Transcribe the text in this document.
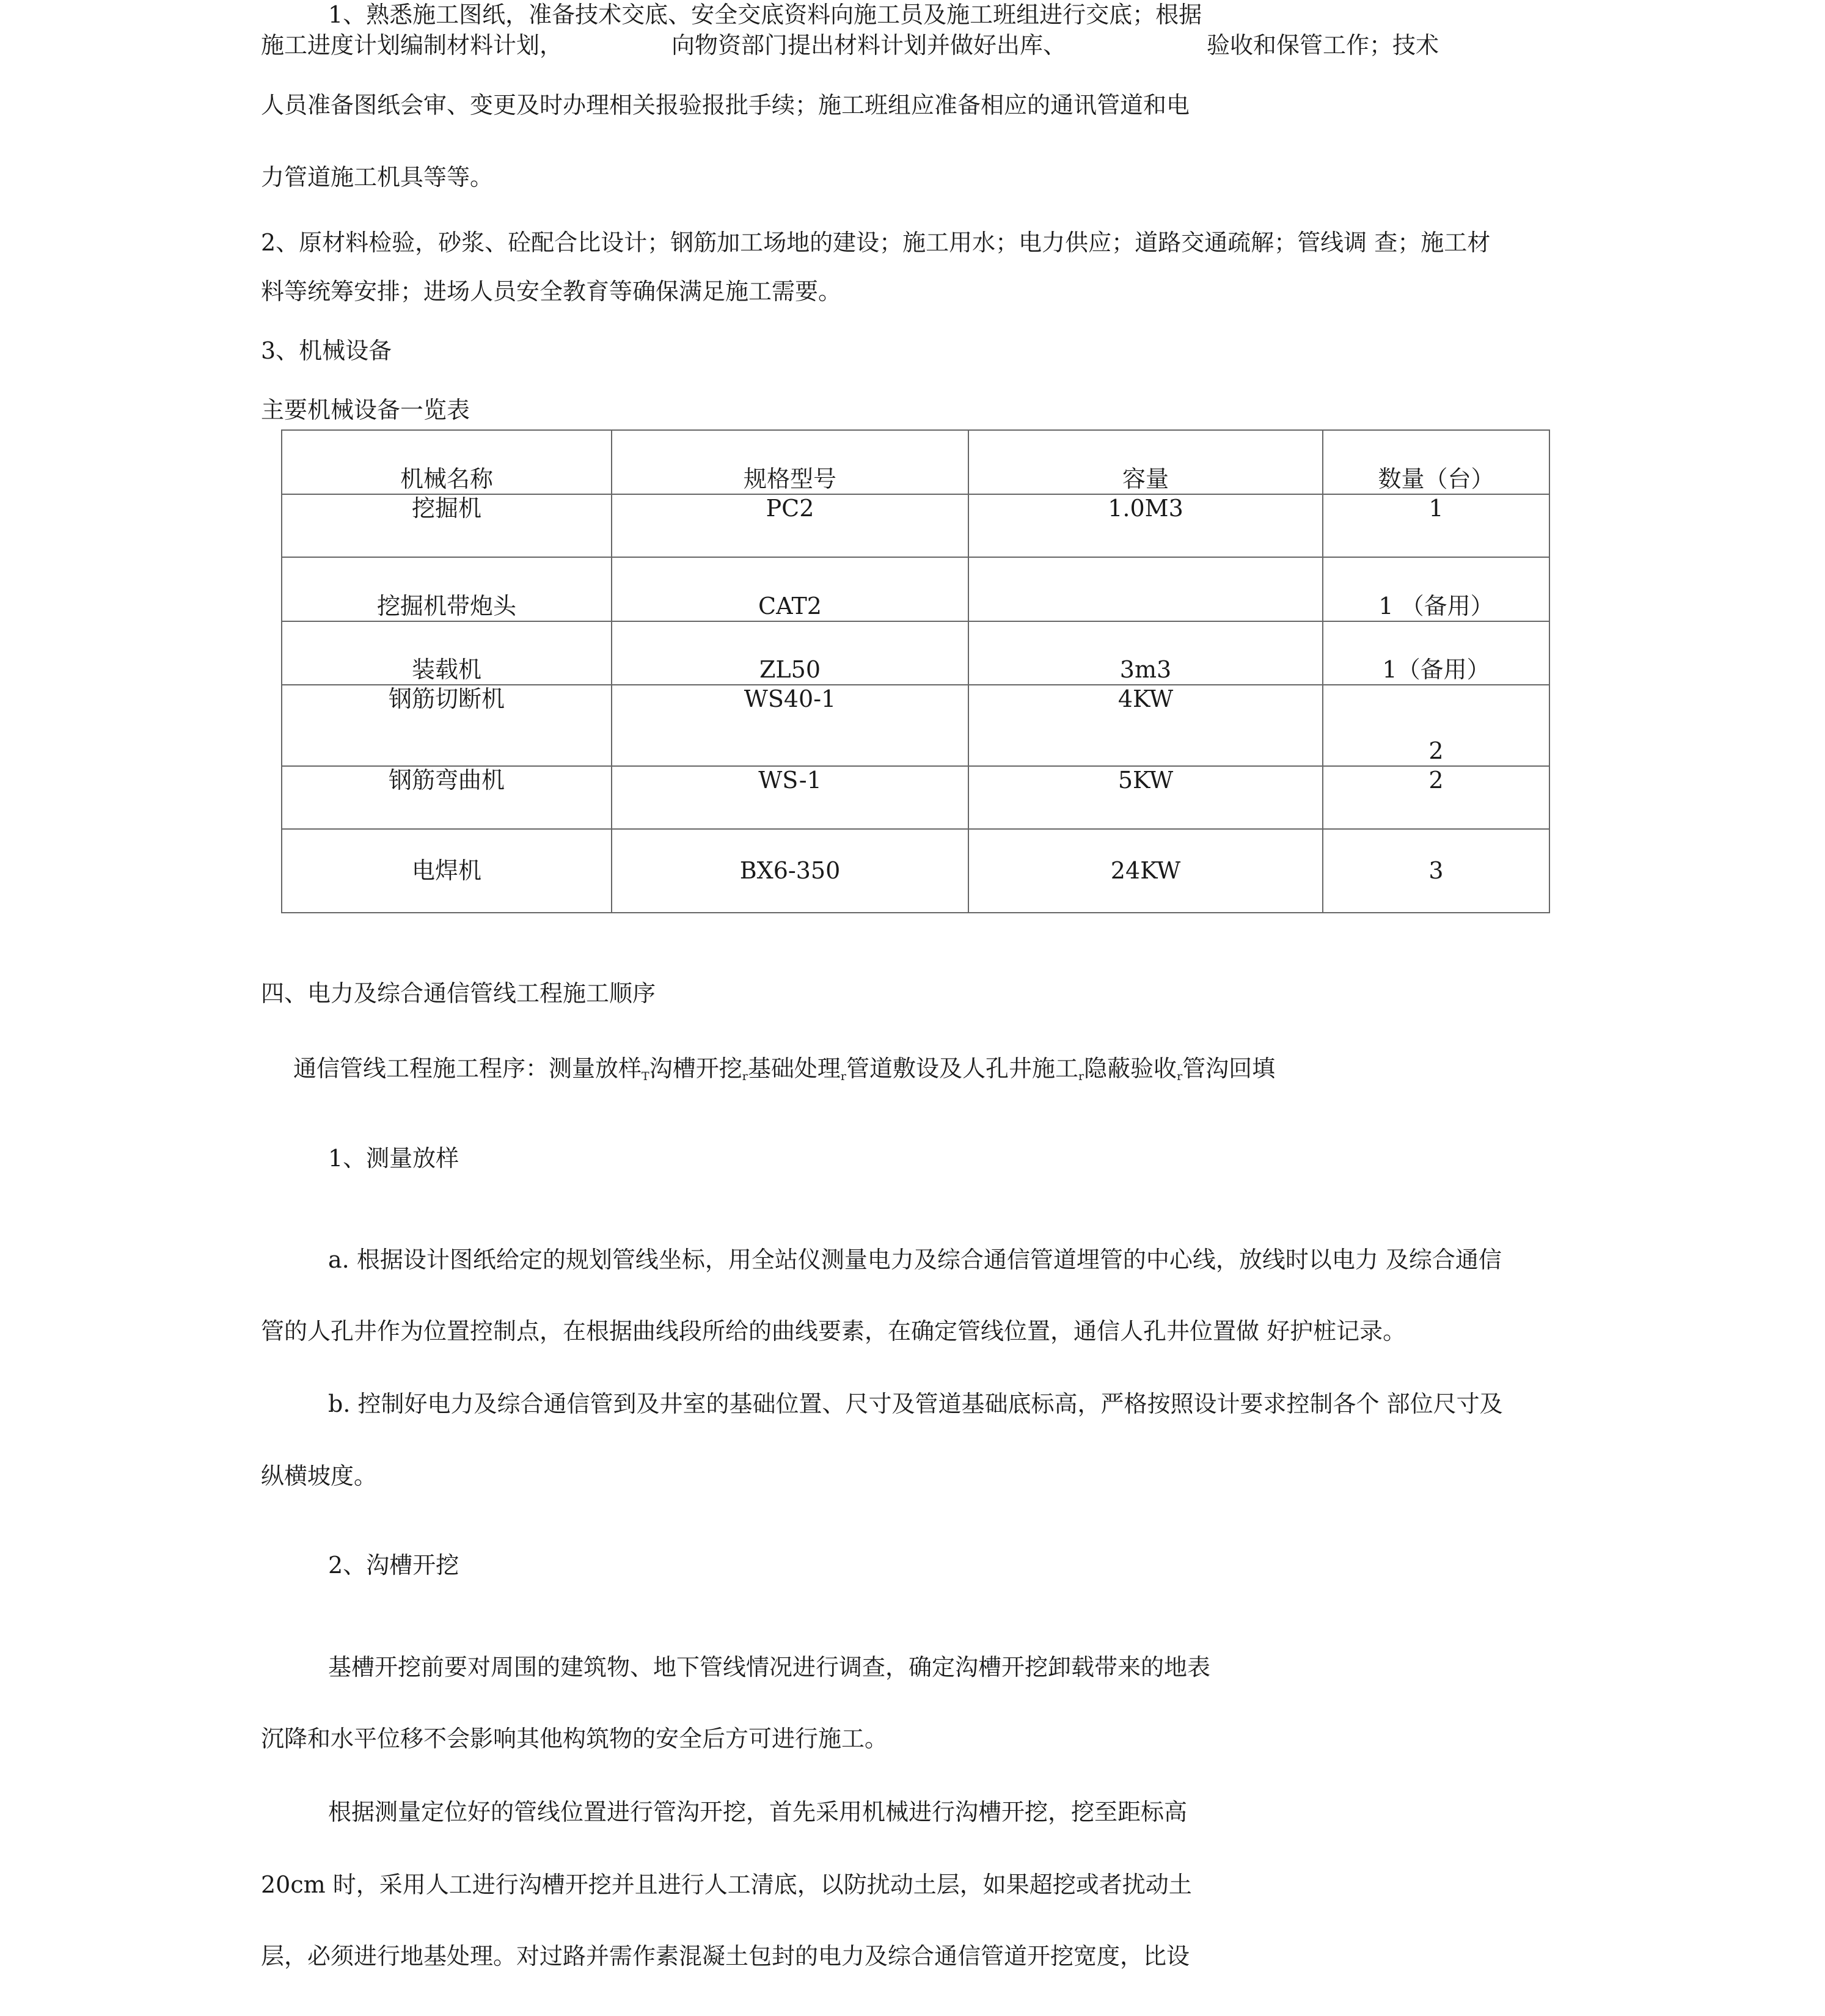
1、熟悉施工图纸，准备技术交底、安全交底资料向施工员及施工班组进行交底；根据

施工进度计划编制材料计划，	向物资部门提出材料计划并做好出库、	验收和保管工作；技术

人员准备图纸会审、变更及时办理相关报验报批手续；施工班组应准备相应的通讯管道和电

力管道施工机具等等。

2、原材料检验，砂浆、砼配合比设计；钢筋加工场地的建设；施工用水；电力供应；道路交通疏解；管线调 查；施工材

料等统筹安排；进场人员安全教育等确保满足施工需要。

3、机械设备

主要机械设备一览表

机械名称	规格型号	容量	数量（台）
挖掘机	PC2	1.0M3	1
挖掘机带炮头	CAT2		1 （备用）
装载机	ZL50	3m3	1（备用）
钢筋切断机	WS40-1	4KW	2
钢筋弯曲机	WS-1	5KW	2
电焊机	BX6-350	24KW	3

四、电力及综合通信管线工程施工顺序

通信管线工程施工程序：测量放样$_T$沟槽开挖$_r$基础处理$_r$管道敷设及人孔井施工$_r$隐蔽验收$_r$管沟回填

1、测量放样

a. 根据设计图纸给定的规划管线坐标，用全站仪测量电力及综合通信管道埋管的中心线，放线时以电力 及综合通信

管的人孔井作为位置控制点，在根据曲线段所给的曲线要素，在确定管线位置，通信人孔井位置做 好护桩记录。

b. 控制好电力及综合通信管到及井室的基础位置、尺寸及管道基础底标高，严格按照设计要求控制各个 部位尺寸及

纵横坡度。

2、沟槽开挖

基槽开挖前要对周围的建筑物、地下管线情况进行调查，确定沟槽开挖卸载带来的地表

沉降和水平位移不会影响其他构筑物的安全后方可进行施工。

根据测量定位好的管线位置进行管沟开挖，首先采用机械进行沟槽开挖，挖至距标高

20cm 时，采用人工进行沟槽开挖并且进行人工清底，以防扰动土层，如果超挖或者扰动土

层，必须进行地基处理。对过路并需作素混凝土包封的电力及综合通信管道开挖宽度，比设
